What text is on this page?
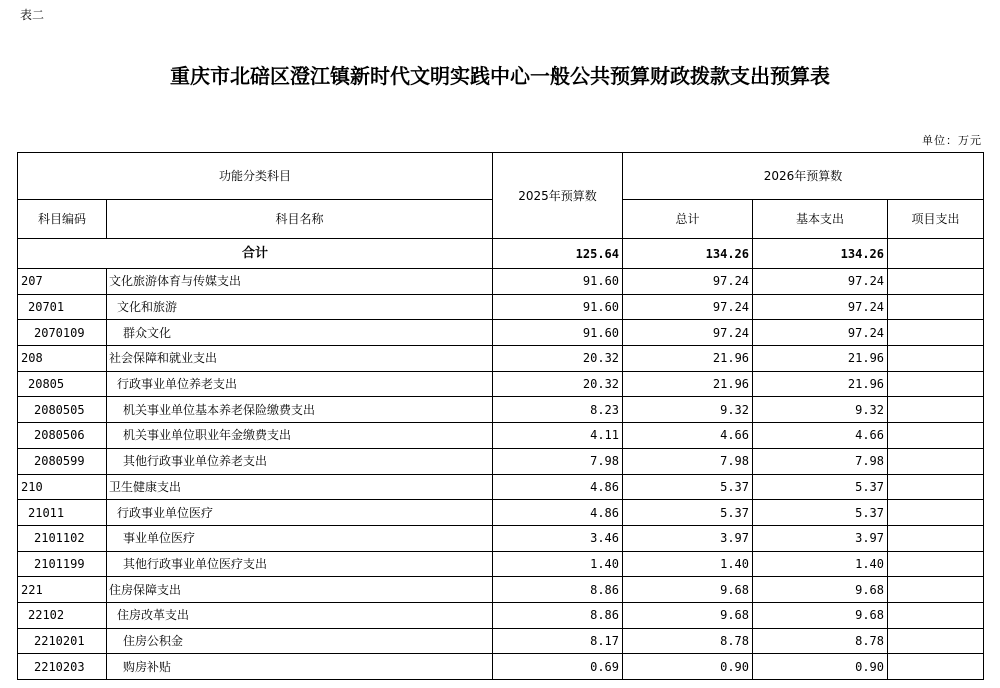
表二
重庆市北碚区澄江镇新时代文明实践中心一般公共预算财政拨款支出预算表
单位：万元
功能分类科目		2025年预算数	2026年预算数		
科目编码	科目名称		总计	基本支出	项目支出
合计		125.64	134.26	134.26	
207	文化旅游体育与传媒支出	91.60	97.24	97.24	
20701	文化和旅游	91.60	97.24	97.24	
2070109	群众文化	91.60	97.24	97.24	
208	社会保障和就业支出	20.32	21.96	21.96	
20805	行政事业单位养老支出	20.32	21.96	21.96	
2080505	机关事业单位基本养老保险缴费支出	8.23	9.32	9.32	
2080506	机关事业单位职业年金缴费支出	4.11	4.66	4.66	
2080599	其他行政事业单位养老支出	7.98	7.98	7.98	
210	卫生健康支出	4.86	5.37	5.37	
21011	行政事业单位医疗	4.86	5.37	5.37	
2101102	事业单位医疗	3.46	3.97	3.97	
2101199	其他行政事业单位医疗支出	1.40	1.40	1.40	
221	住房保障支出	8.86	9.68	9.68	
22102	住房改革支出	8.86	9.68	9.68	
2210201	住房公积金	8.17	8.78	8.78	
2210203	购房补贴	0.69	0.90	0.90	
